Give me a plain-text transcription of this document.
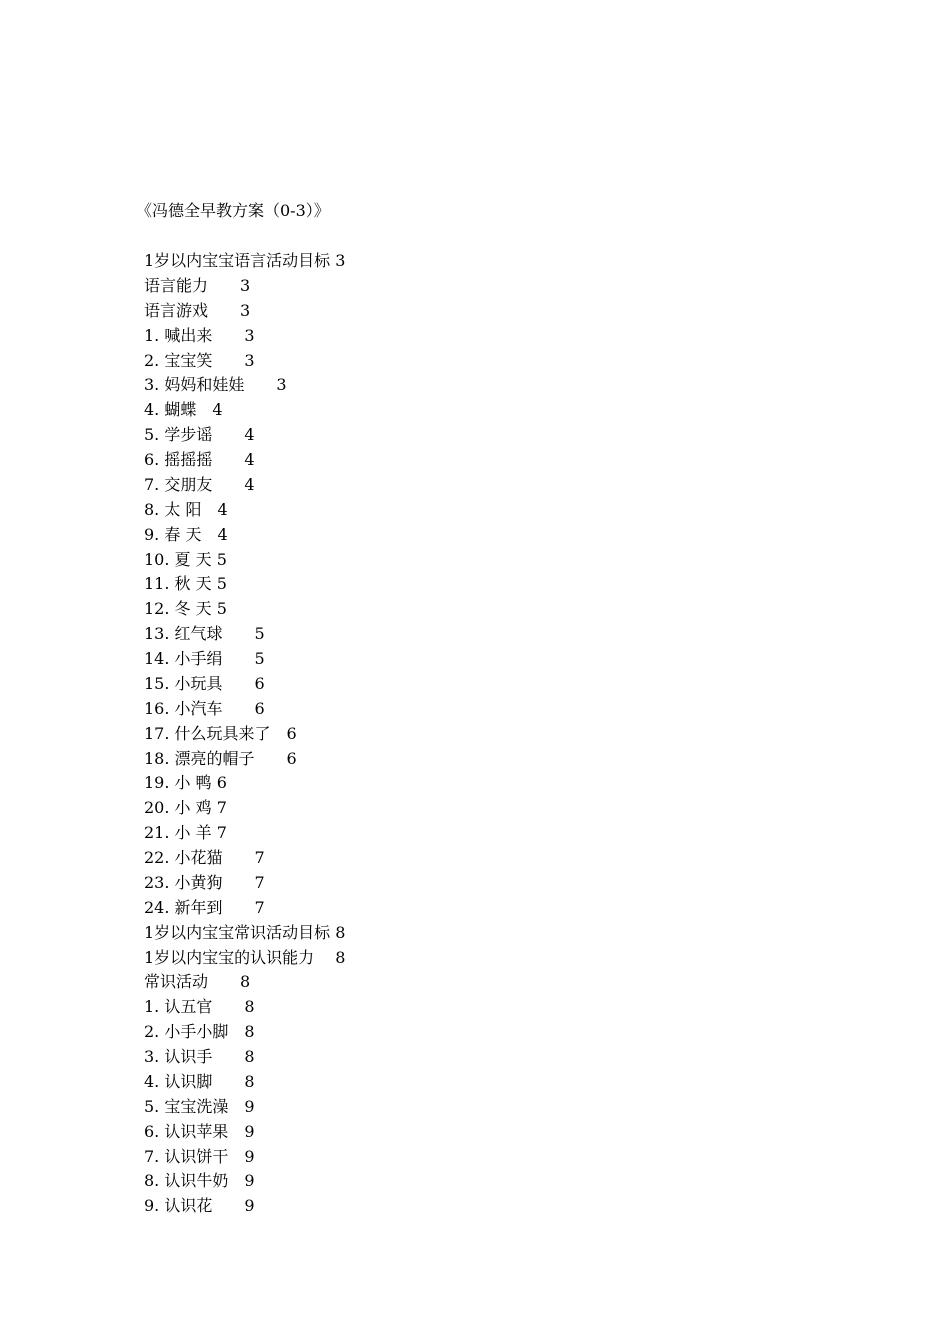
《冯德全早教方案（0-3）》
1岁以内宝宝语言活动目标 3
语言能力　　3
语言游戏　　3
1. 喊出来　　3
2. 宝宝笑　　3
3. 妈妈和娃娃　　3
4. 蝴蝶　4
5. 学步谣　　4
6. 摇摇摇　　4
7. 交朋友　　4
8. 太 阳　4
9. 春 天　4
10. 夏 天 5
11. 秋 天 5
12. 冬 天 5
13. 红气球　　5
14. 小手绢　　5
15. 小玩具　　6
16. 小汽车　　6
17. 什么玩具来了　6
18. 漂亮的帽子　　6
19. 小 鸭 6
20. 小 鸡 7
21. 小 羊 7
22. 小花猫　　7
23. 小黄狗　　7
24. 新年到　　7
1岁以内宝宝常识活动目标 8
1岁以内宝宝的认识能力　 8
常识活动　　8
1. 认五官　　8
2. 小手小脚　8
3. 认识手　　8
4. 认识脚　　8
5. 宝宝洗澡　9
6. 认识苹果　9
7. 认识饼干　9
8. 认识牛奶　9
9. 认识花　　9
